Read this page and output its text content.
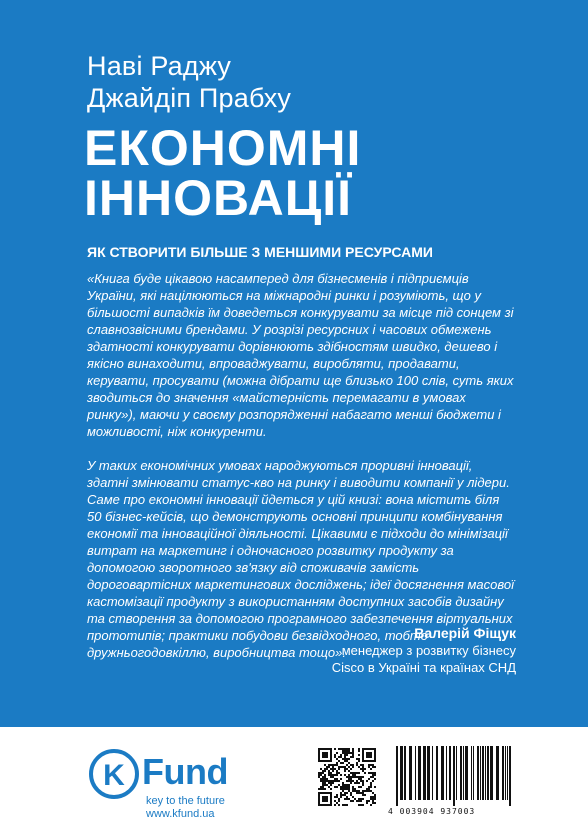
Наві Раджу
Джайдіп Прабху
ЕКОНОМНІ
ІННОВАЦІЇ
ЯК СТВОРИТИ БІЛЬШЕ З МЕНШИМИ РЕСУРСАМИ

«Книга буде цікавою насамперед для бізнесменів і підприємців України, які націлюються на міжнародні ринки і розуміють, що у більшості випадків їм доведеться конкурувати за місце під сонцем зі славнозвісними брендами. У розрізі ресурсних і часових обмежень здатності конкурувати дорівнюють здібностям швидко, дешево і якісно винаходити, впроваджувати, виробляти, продавати, керувати, просувати (можна дібрати ще близько 100 слів, суть яких зводиться до значення «майстерність перемагати в умовах ринку»), маючи у своєму розпорядженні набагато менші бюджети і можливості, ніж конкуренти.

У таких економічних умовах народжуються проривні інновації, здатні змінювати статус-кво на ринку і виводити компанії у лідери. Саме про економні інновації йдеться у цій книзі: вона містить біля 50 бізнес-кейсів, що демонструють основні принципи комбінування економії та інноваційної діяльності. Цікавими є підходи до мінімізації витрат на маркетинг і одночасного розвитку продукту за допомогою зворотного зв'язку від споживачів замість дороговартісних маркетингових досліджень; ідеї досягнення масової кастомізації продукту з використанням доступних засобів дизайну та створення за допомогою програмного забезпечення віртуальних прототипів; практики побудови безвідходного, тобто дружньогодовкіллю, виробництва тощо».

Валерій Фіщук
менеджер з розвитку бізнесу
Cisco в Україні та країнах СНД
K Fund
key to the future
www.kfund.ua	4 003904 937003
